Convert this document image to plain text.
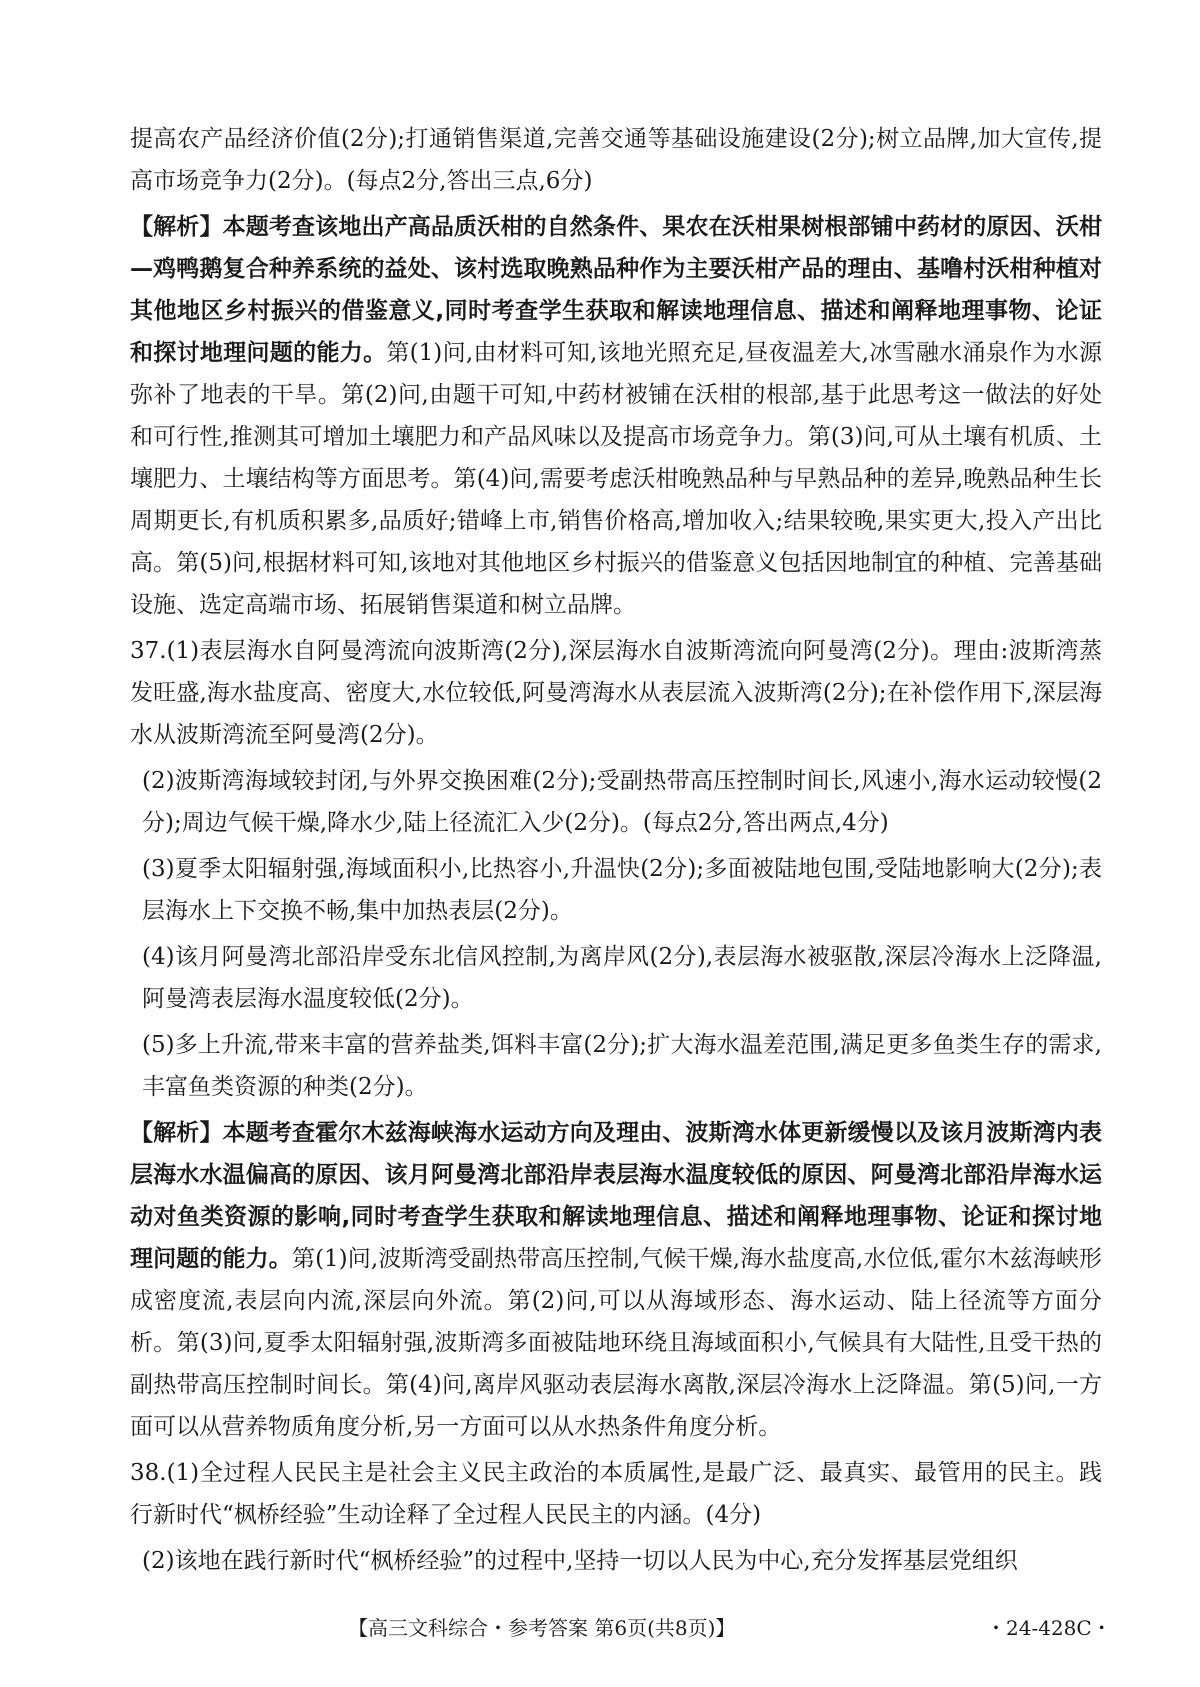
提高农产品经济价值(2分);打通销售渠道,完善交通等基础设施建设(2分);树立品牌,加大宣传,提高市场竞争力(2分)。(每点2分,答出三点,6分)

【解析】本题考查该地出产高品质沃柑的自然条件、果农在沃柑果树根部铺中药材的原因、沃柑—鸡鸭鹅复合种养系统的益处、该村选取晚熟品种作为主要沃柑产品的理由、基噜村沃柑种植对其他地区乡村振兴的借鉴意义,同时考查学生获取和解读地理信息、描述和阐释地理事物、论证和探讨地理问题的能力。第(1)问,由材料可知,该地光照充足,昼夜温差大,冰雪融水涌泉作为水源弥补了地表的干旱。第(2)问,由题干可知,中药材被铺在沃柑的根部,基于此思考这一做法的好处和可行性,推测其可增加土壤肥力和产品风味以及提高市场竞争力。第(3)问,可从土壤有机质、土壤肥力、土壤结构等方面思考。第(4)问,需要考虑沃柑晚熟品种与早熟品种的差异,晚熟品种生长周期更长,有机质积累多,品质好;错峰上市,销售价格高,增加收入;结果较晚,果实更大,投入产出比高。第(5)问,根据材料可知,该地对其他地区乡村振兴的借鉴意义包括因地制宜的种植、完善基础设施、选定高端市场、拓展销售渠道和树立品牌。

37.(1)表层海水自阿曼湾流向波斯湾(2分),深层海水自波斯湾流向阿曼湾(2分)。理由:波斯湾蒸发旺盛,海水盐度高、密度大,水位较低,阿曼湾海水从表层流入波斯湾(2分);在补偿作用下,深层海水从波斯湾流至阿曼湾(2分)。

(2)波斯湾海域较封闭,与外界交换困难(2分);受副热带高压控制时间长,风速小,海水运动较慢(2分);周边气候干燥,降水少,陆上径流汇入少(2分)。(每点2分,答出两点,4分)

(3)夏季太阳辐射强,海域面积小,比热容小,升温快(2分);多面被陆地包围,受陆地影响大(2分);表层海水上下交换不畅,集中加热表层(2分)。

(4)该月阿曼湾北部沿岸受东北信风控制,为离岸风(2分),表层海水被驱散,深层冷海水上泛降温,阿曼湾表层海水温度较低(2分)。

(5)多上升流,带来丰富的营养盐类,饵料丰富(2分);扩大海水温差范围,满足更多鱼类生存的需求,丰富鱼类资源的种类(2分)。

【解析】本题考查霍尔木兹海峡海水运动方向及理由、波斯湾水体更新缓慢以及该月波斯湾内表层海水水温偏高的原因、该月阿曼湾北部沿岸表层海水温度较低的原因、阿曼湾北部沿岸海水运动对鱼类资源的影响,同时考查学生获取和解读地理信息、描述和阐释地理事物、论证和探讨地理问题的能力。第(1)问,波斯湾受副热带高压控制,气候干燥,海水盐度高,水位低,霍尔木兹海峡形成密度流,表层向内流,深层向外流。第(2)问,可以从海域形态、海水运动、陆上径流等方面分析。第(3)问,夏季太阳辐射强,波斯湾多面被陆地环绕且海域面积小,气候具有大陆性,且受干热的副热带高压控制时间长。第(4)问,离岸风驱动表层海水离散,深层冷海水上泛降温。第(5)问,一方面可以从营养物质角度分析,另一方面可以从水热条件角度分析。

38.(1)全过程人民民主是社会主义民主政治的本质属性,是最广泛、最真实、最管用的民主。践行新时代“枫桥经验”生动诠释了全过程人民民主的内涵。(4分)

(2)该地在践行新时代“枫桥经验”的过程中,坚持一切以人民为中心,充分发挥基层党组织

【高三文科综合・参考答案 第6页(共8页)】	・24-428C・
